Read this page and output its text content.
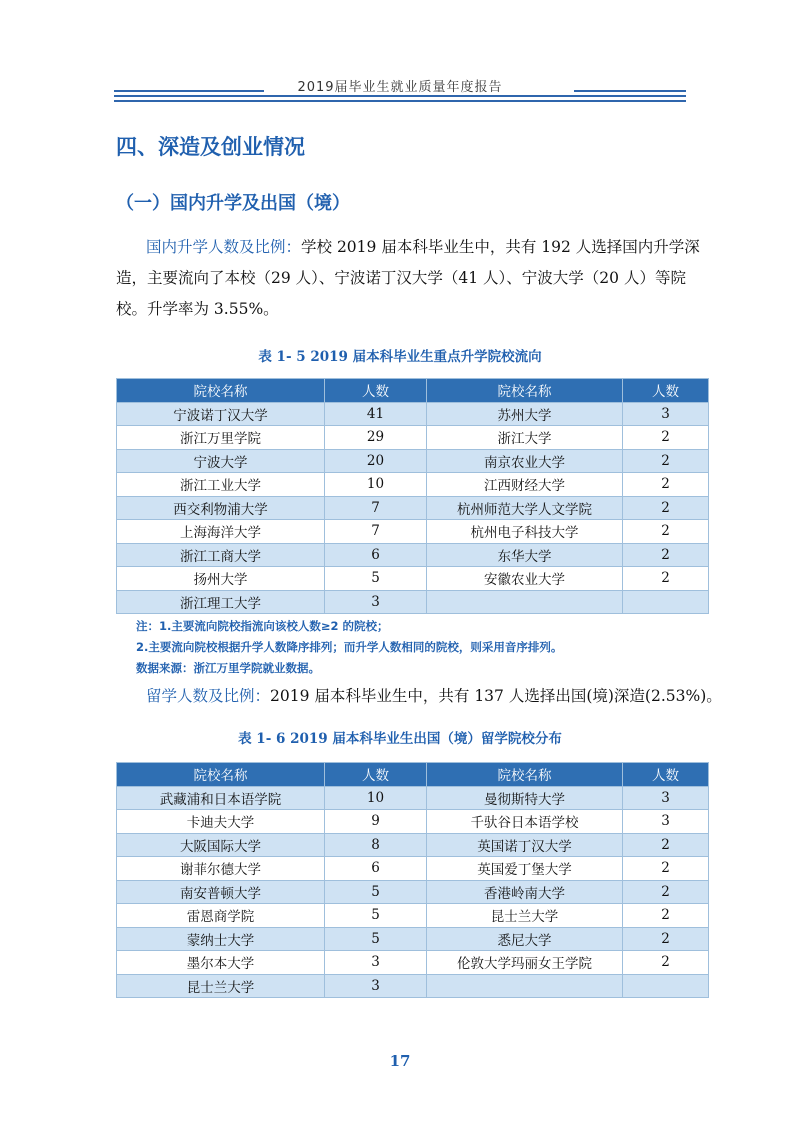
2019届毕业生就业质量年度报告
四、深造及创业情况
（一）国内升学及出国（境）
国内升学人数及比例：学校 2019 届本科毕业生中，共有 192 人选择国内升学深
造，主要流向了本校（29 人）、宁波诺丁汉大学（41 人）、宁波大学（20 人）等院
校。升学率为 3.55%。
表 1- 5 2019 届本科毕业生重点升学院校流向
院校名称	人数	院校名称	人数
宁波诺丁汉大学	41	苏州大学	3
浙江万里学院	29	浙江大学	2
宁波大学	20	南京农业大学	2
浙江工业大学	10	江西财经大学	2
西交利物浦大学	7	杭州师范大学人文学院	2
上海海洋大学	7	杭州电子科技大学	2
浙江工商大学	6	东华大学	2
扬州大学	5	安徽农业大学	2
浙江理工大学	3		
注：1.主要流向院校指流向该校人数≥2 的院校；
2.主要流向院校根据升学人数降序排列；而升学人数相同的院校，则采用音序排列。
数据来源：浙江万里学院就业数据。
留学人数及比例：2019 届本科毕业生中，共有 137 人选择出国(境)深造(2.53%)。
表 1- 6 2019 届本科毕业生出国（境）留学院校分布
院校名称	人数	院校名称	人数
武藏浦和日本语学院	10	曼彻斯特大学	3
卡迪夫大学	9	千驮谷日本语学校	3
大阪国际大学	8	英国诺丁汉大学	2
谢菲尔德大学	6	英国爱丁堡大学	2
南安普顿大学	5	香港岭南大学	2
雷恩商学院	5	昆士兰大学	2
蒙纳士大学	5	悉尼大学	2
墨尔本大学	3	伦敦大学玛丽女王学院	2
昆士兰大学	3		
17
